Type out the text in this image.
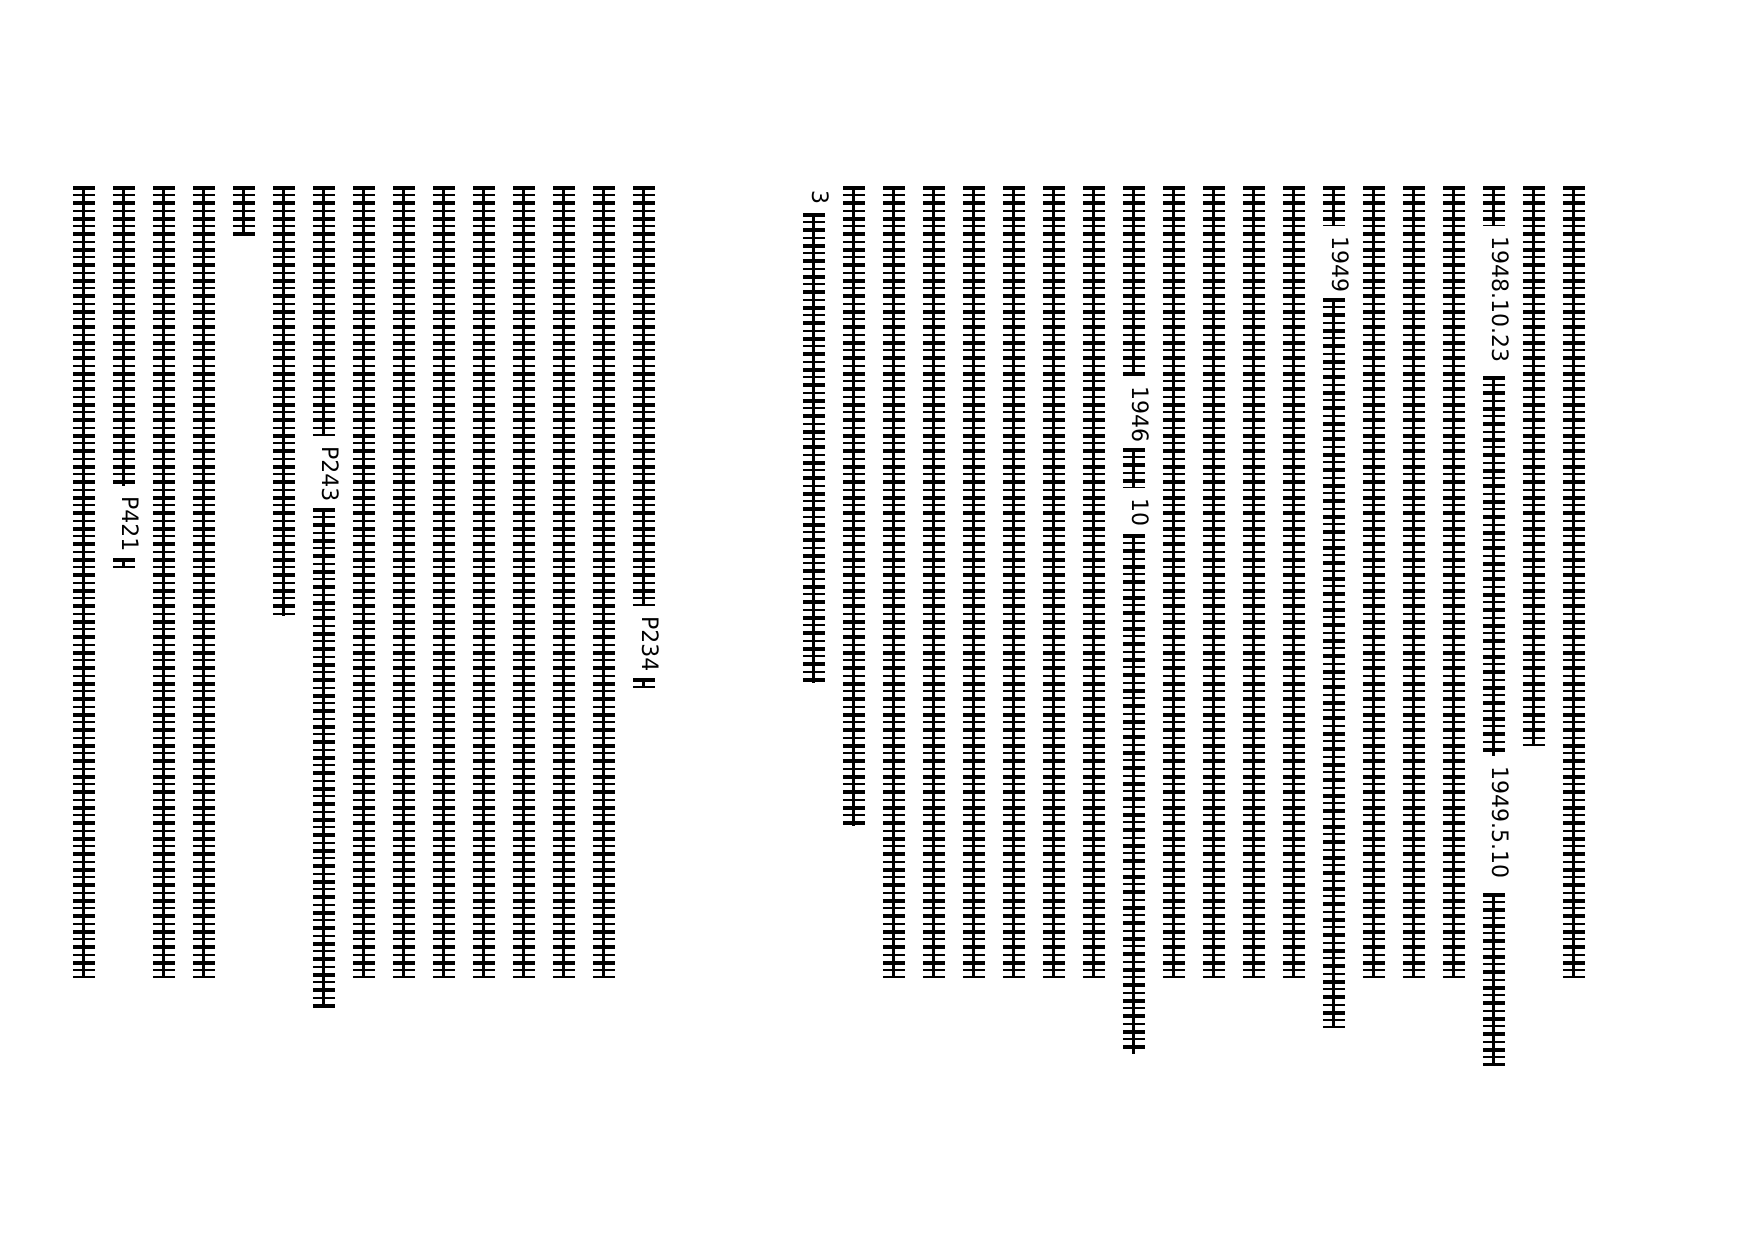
1948.10.23
1949.5.10
1949
1946
10
3
P234
P243
P421
